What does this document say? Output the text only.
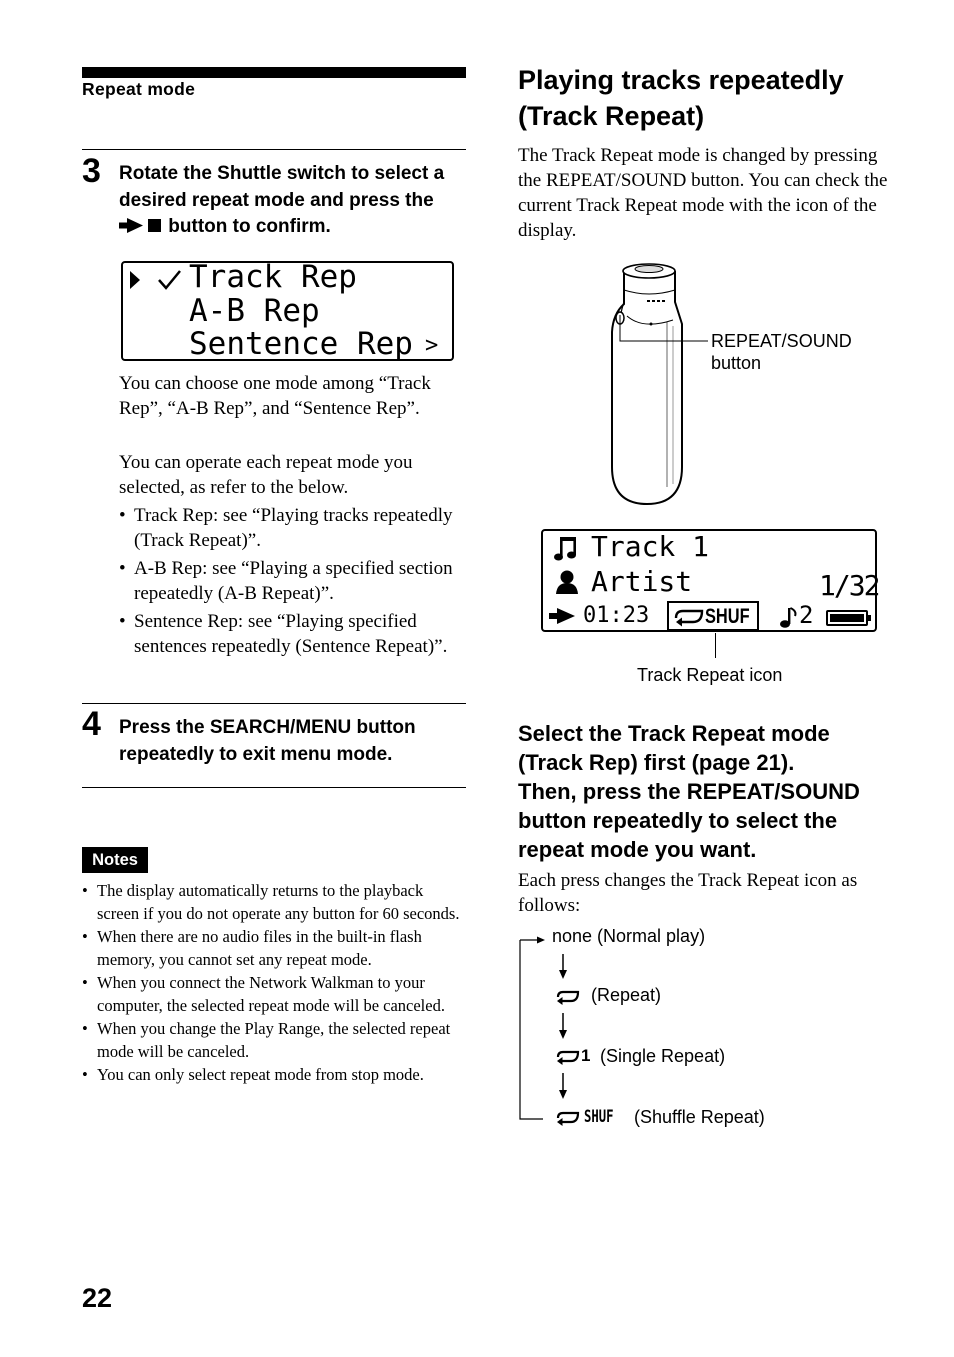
Repeat mode
3 Rotate the Shuttle switch to select a desired repeat mode and press the  button to confirm.
Track Rep
A-B Rep
Sentence Rep >
You can choose one mode among “Track Rep”, “A-B Rep”, and “Sentence Rep”.
You can operate each repeat mode you selected, as refer to the below.
• Track Rep: see “Playing tracks repeatedly (Track Repeat)”.
• A-B Rep: see “Playing a specified section repeatedly (A-B Repeat)”.
• Sentence Rep: see “Playing specified sentences repeatedly (Sentence Repeat)”.
4 Press the SEARCH/MENU button repeatedly to exit menu mode.
Notes
• The display automatically returns to the playback screen if you do not operate any button for 60 seconds.
• When there are no audio files in the built-in flash memory, you cannot set any repeat mode.
• When you connect the Network Walkman to your computer, the selected repeat mode will be canceled.
• When you change the Play Range, the selected repeat mode will be canceled.
• You can only select repeat mode from stop mode.
22
Playing tracks repeatedly
(Track Repeat)
The Track Repeat mode is changed by pressing the REPEAT/SOUND button. You can check the current Track Repeat mode with the icon of the display.
REPEAT/SOUND
button
Track 1
Artist	1/32
01:23	SHUF 2
Track Repeat icon
Select the Track Repeat mode
(Track Rep) first (page 21).
Then, press the REPEAT/SOUND
button repeatedly to select the
repeat mode you want.
Each press changes the Track Repeat icon as follows:
none (Normal play)
(Repeat)
1 (Single Repeat)
SHUF (Shuffle Repeat)
